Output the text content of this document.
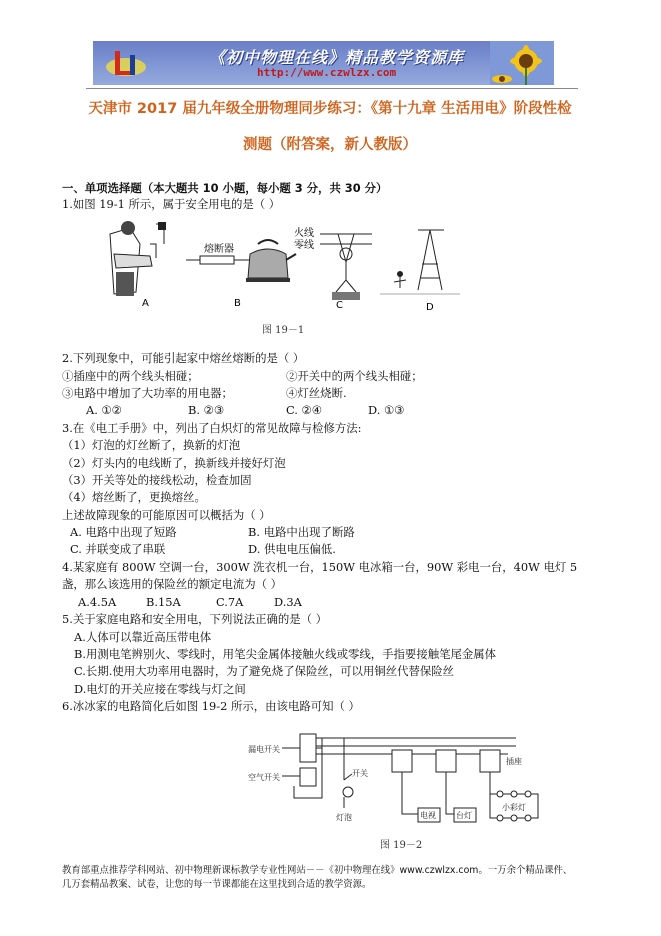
《初中物理在线》精品教学资源库
http://www.czwlzx.com
天津市 2017 届九年级全册物理同步练习：《第十九章 生活用电》阶段性检
测题（附答案，新人教版）
一、单项选择题（本大题共 10 小题，每小题 3 分，共 30 分）
1.如图 19-1 所示，属于安全用电的是（ ）
A	B	C	D
熔断器
火线
零线
图 19－1
2.下列现象中，可能引起家中熔丝熔断的是（ ）
①插座中的两个线头相碰；	②开关中的两个线头相碰；
③电路中增加了大功率的用电器；	④灯丝烧断.
A. ①②	B. ②③	C. ②④	D. ①③
3.在《电工手册》中，列出了白炽灯的常见故障与检修方法:
（1）灯泡的灯丝断了，换新的灯泡
（2）灯头内的电线断了，换新线并接好灯泡
（3）开关等处的接线松动，检查加固
（4）熔丝断了，更换熔丝。
上述故障现象的可能原因可以概括为（ ）
A. 电路中出现了短路	B. 电路中出现了断路
C. 并联变成了串联	D. 供电电压偏低.
4.某家庭有 800W 空调一台，300W 洗衣机一台，150W 电冰箱一台，90W 彩电一台，40W 电灯 5
盏，那么该选用的保险丝的额定电流为（ ）
A.4.5A	B.15A	C.7A	D.3A
5.关于家庭电路和安全用电，下列说法正确的是（ ）
A.人体可以靠近高压带电体
B.用测电笔辨别火、零线时，用笔尖金属体接触火线或零线，手指要接触笔尾金属体
C.长期.使用大功率用电器时，为了避免烧了保险丝，可以用铜丝代替保险丝
D.电灯的开关应接在零线与灯之间
6.冰冰家的电路简化后如图 19-2 所示，由该电路可知（ ）
漏电开关
空气开关	开关
灯泡	电视	台灯
插座
小彩灯
图 19－2
教育部重点推荐学科网站、初中物理新课标教学专业性网站－－《初中物理在线》www.czwlzx.com。一万余个精品课件、
几万套精品教案、试卷，让您的每一节课都能在这里找到合适的教学资源。
